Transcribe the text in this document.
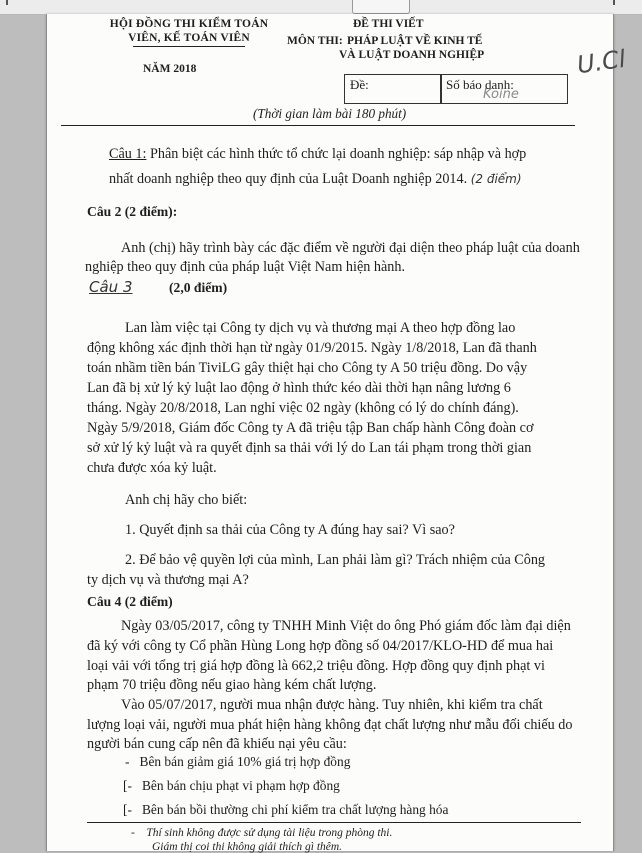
HỘI ĐỒNG THI KIỂM TOÁN
VIÊN, KẾ TOÁN VIÊN
NĂM 2018
ĐỀ THI VIẾT
MÔN THI: PHÁP LUẬT VỀ KINH TẾ
VÀ LUẬT DOANH NGHIỆP
Đề:	Số báo danh:
Koine
U.Cl
(Thời gian làm bài 180 phút)
Câu 1: Phân biệt các hình thức tổ chức lại doanh nghiệp: sáp nhập và hợp
nhất doanh nghiệp theo quy định của Luật Doanh nghiệp 2014. (2 điểm)
Câu 2 (2 điểm):
Anh (chị) hãy trình bày các đặc điểm về người đại diện theo pháp luật của doanh
nghiệp theo quy định của pháp luật Việt Nam hiện hành.
Câu 3	(2,0 điểm)
Lan làm việc tại Công ty dịch vụ và thương mại A theo hợp đồng lao
động không xác định thời hạn từ ngày 01/9/2015. Ngày 1/8/2018, Lan đã thanh
toán nhầm tiền bán TiviLG gây thiệt hại cho Công ty A 50 triệu đồng. Do vậy
Lan đã bị xử lý kỷ luật lao động ở hình thức kéo dài thời hạn nâng lương 6
tháng. Ngày 20/8/2018, Lan nghỉ việc 02 ngày (không có lý do chính đáng).
Ngày 5/9/2018, Giám đốc Công ty A đã triệu tập Ban chấp hành Công đoàn cơ
sở xử lý kỷ luật và ra quyết định sa thải với lý do Lan tái phạm trong thời gian
chưa được xóa kỷ luật.
Anh chị hãy cho biết:
1. Quyết định sa thải của Công ty A đúng hay sai? Vì sao?
2. Để bảo vệ quyền lợi của mình, Lan phải làm gì? Trách nhiệm của Công
ty dịch vụ và thương mại A?
Câu 4 (2 điểm)
Ngày 03/05/2017, công ty TNHH Minh Việt do ông Phó giám đốc làm đại diện
đã ký với công ty Cổ phần Hùng Long hợp đồng số 04/2017/KLO-HD để mua hai
loại vải với tổng trị giá hợp đồng là 662,2 triệu đồng. Hợp đồng quy định phạt vi
phạm 70 triệu đồng nếu giao hàng kém chất lượng.
Vào 05/07/2017, người mua nhận được hàng. Tuy nhiên, khi kiểm tra chất
lượng loại vải, người mua phát hiện hàng không đạt chất lượng như mẫu đối chiếu do
người bán cung cấp nên đã khiếu nại yêu cầu:
-   Bên bán giảm giá 10% giá trị hợp đồng
[-   Bên bán chịu phạt vi phạm hợp đồng
[-   Bên bán bồi thường chi phí kiểm tra chất lượng hàng hóa
-    Thí sinh không được sử dụng tài liệu trong phòng thi.
Giám thị coi thi không giải thích gì thêm.
